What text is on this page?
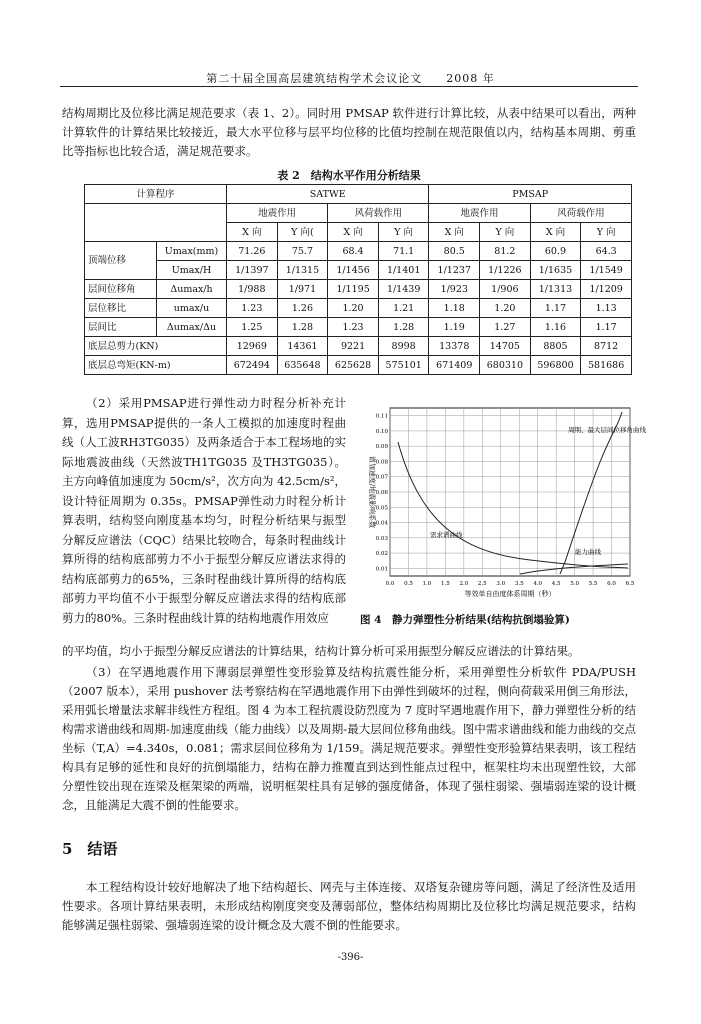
第二十届全国高层建筑结构学术会议论文　　2008 年
结构周期比及位移比满足规范要求（表 1、2）。同时用 PMSAP 软件进行计算比较，从表中结果可以看出，两种计算软件的计算结果比较接近，最大水平位移与层平均位移的比值均控制在规范限值以内，结构基本周期、剪重比等指标也比较合适，满足规范要求。
表 2　结构水平作用分析结果
计算程序		SATWE				PMSAP			
		地震作用		风荷载作用		地震作用		风荷载作用	
		X 向	Y 向(	X 向	Y 向	X 向	Y 向	X 向	Y 向
顶端位移	Umax(mm)	71.26	75.7	68.4	71.1	80.5	81.2	60.9	64.3
	Umax/H	1/1397	1/1315	1/1456	1/1401	1/1237	1/1226	1/1635	1/1549
层间位移角	Δumax/h	1/988	1/971	1/1195	1/1439	1/923	1/906	1/1313	1/1209
层位移比	umax/u	1.23	1.26	1.20	1.21	1.18	1.20	1.17	1.13
层间比	Δumax/Δu	1.25	1.28	1.23	1.28	1.19	1.27	1.16	1.17
底层总剪力(KN)		12969	14361	9221	8998	13378	14705	8805	8712
底层总弯矩(KN-m)		672494	635648	625628	575101	671409	680310	596800	581686
（2）采用PMSAP进行弹性动力时程分析补充计算，选用PMSAP提供的一条人工模拟的加速度时程曲线（人工波RH3TG035）及两条适合于本工程场地的实际地震波曲线（天然波TH1TG035 及TH3TG035）。主方向峰值加速度为 50cm/s²，次方向为 42.5cm/s²，设计特征周期为 0.35s。PMSAP弹性动力时程分析计算表明，结构竖向刚度基本均匀，时程分析结果与振型分解反应谱法（CQC）结果比较吻合，每条时程曲线计算所得的结构底部剪力不小于振型分解反应谱法求得的结构底部剪力的65%，三条时程曲线计算所得的结构底部剪力平均值不小于振型分解反应谱法求得的结构底部剪力的80%。三条时程曲线计算的结构地震作用效应
0.11
0.10
0.09
0.08
0.07
0.06
0.05
0.04
0.03
0.02
0.01
0.0 0.5 1.0 1.5 2.0 2.5 3.0 3.5 4.0 4.5 5.0 5.5 6.0 6.5
谱加速度/地震影响系数
等效单自由度体系周期（秒）
周期、最大层间位移角曲线
需求谱曲线
能力曲线
图 4　静力弹塑性分析结果(结构抗倒塌验算)
的平均值，均小于振型分解反应谱法的计算结果，结构计算分析可采用振型分解反应谱法的计算结果。
（3）在罕遇地震作用下薄弱层弹塑性变形验算及结构抗震性能分析，采用弹塑性分析软件 PDA/PUSH（2007 版本），采用 pushover 法考察结构在罕遇地震作用下由弹性到破坏的过程，侧向荷载采用倒三角形法，采用弧长增量法求解非线性方程组。图 4 为本工程抗震设防烈度为 7 度时罕遇地震作用下，静力弹塑性分析的结构需求谱曲线和周期-加速度曲线（能力曲线）以及周期-最大层间位移角曲线。图中需求谱曲线和能力曲线的交点坐标（T,A）=4.340s，0.081；需求层间位移角为 1/159。满足规范要求。弹塑性变形验算结果表明，该工程结构具有足够的延性和良好的抗倒塌能力，结构在静力推覆直到达到性能点过程中，框架柱均未出现塑性铰，大部分塑性铰出现在连梁及框架梁的两端，说明框架柱具有足够的强度储备，体现了强柱弱梁、强墙弱连梁的设计概念，且能满足大震不倒的性能要求。
5　结语
本工程结构设计较好地解决了地下结构超长、网壳与主体连接、双塔复杂键房等问题，满足了经济性及适用性要求。各项计算结果表明，未形成结构刚度突变及薄弱部位，整体结构周期比及位移比均满足规范要求，结构能够满足强柱弱梁、强墙弱连梁的设计概念及大震不倒的性能要求。
-396-
